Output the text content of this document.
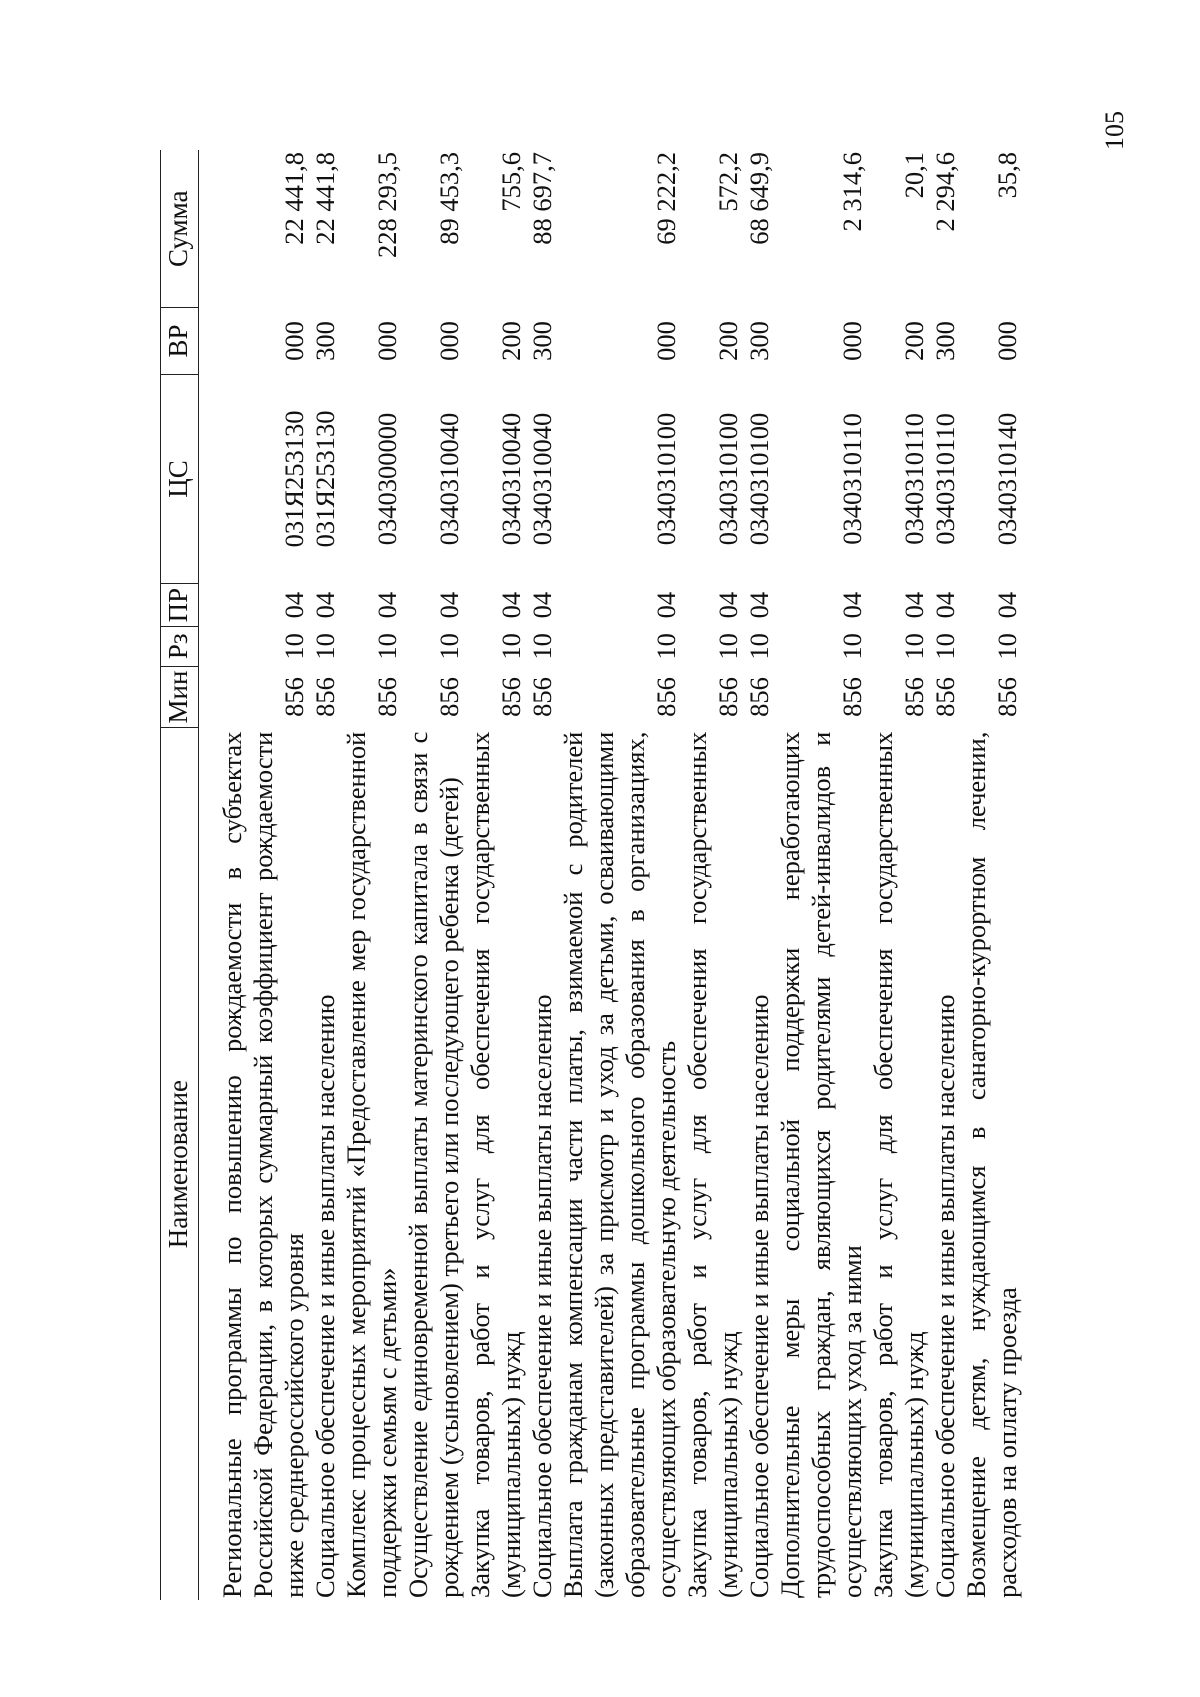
105
Наименование	Мин	Рз	ПР	ЦС	ВР	Сумма

Региональные программы по повышению рождаемости в субъектах Российской Федерации, в которых суммарный коэффициент рождаемости ниже среднероссийского уровня	856	10	04	031Я253130	000	22 441,8
Социальное обеспечение и иные выплаты населению	856	10	04	031Я253130	300	22 441,8
Комплекс процессных мероприятий «Предоставление мер государственной поддержки семьям с детьми»	856	10	04	0340300000	000	228 293,5
Осуществление единовременной выплаты материнского капитала в связи с рождением (усыновлением) третьего или последующего ребенка (детей)	856	10	04	0340310040	000	89 453,3
Закупка товаров, работ и услуг для обеспечения государственных (муниципальных) нужд	856	10	04	0340310040	200	755,6
Социальное обеспечение и иные выплаты населению	856	10	04	0340310040	300	88 697,7
Выплата гражданам компенсации части платы, взимаемой с родителей (законных представителей) за присмотр и уход за детьми, осваивающими образовательные программы дошкольного образования в организациях, осуществляющих образовательную деятельность	856	10	04	0340310100	000	69 222,2
Закупка товаров, работ и услуг для обеспечения государственных (муниципальных) нужд	856	10	04	0340310100	200	572,2
Социальное обеспечение и иные выплаты населению	856	10	04	0340310100	300	68 649,9
Дополнительные меры социальной поддержки неработающих трудоспособных граждан, являющихся родителями детей-инвалидов и осуществляющих уход за ними	856	10	04	0340310110	000	2 314,6
Закупка товаров, работ и услуг для обеспечения государственных (муниципальных) нужд	856	10	04	0340310110	200	20,1
Социальное обеспечение и иные выплаты населению	856	10	04	0340310110	300	2 294,6
Возмещение детям, нуждающимся в санаторно-курортном лечении, расходов на оплату проезда	856	10	04	0340310140	000	35,8
